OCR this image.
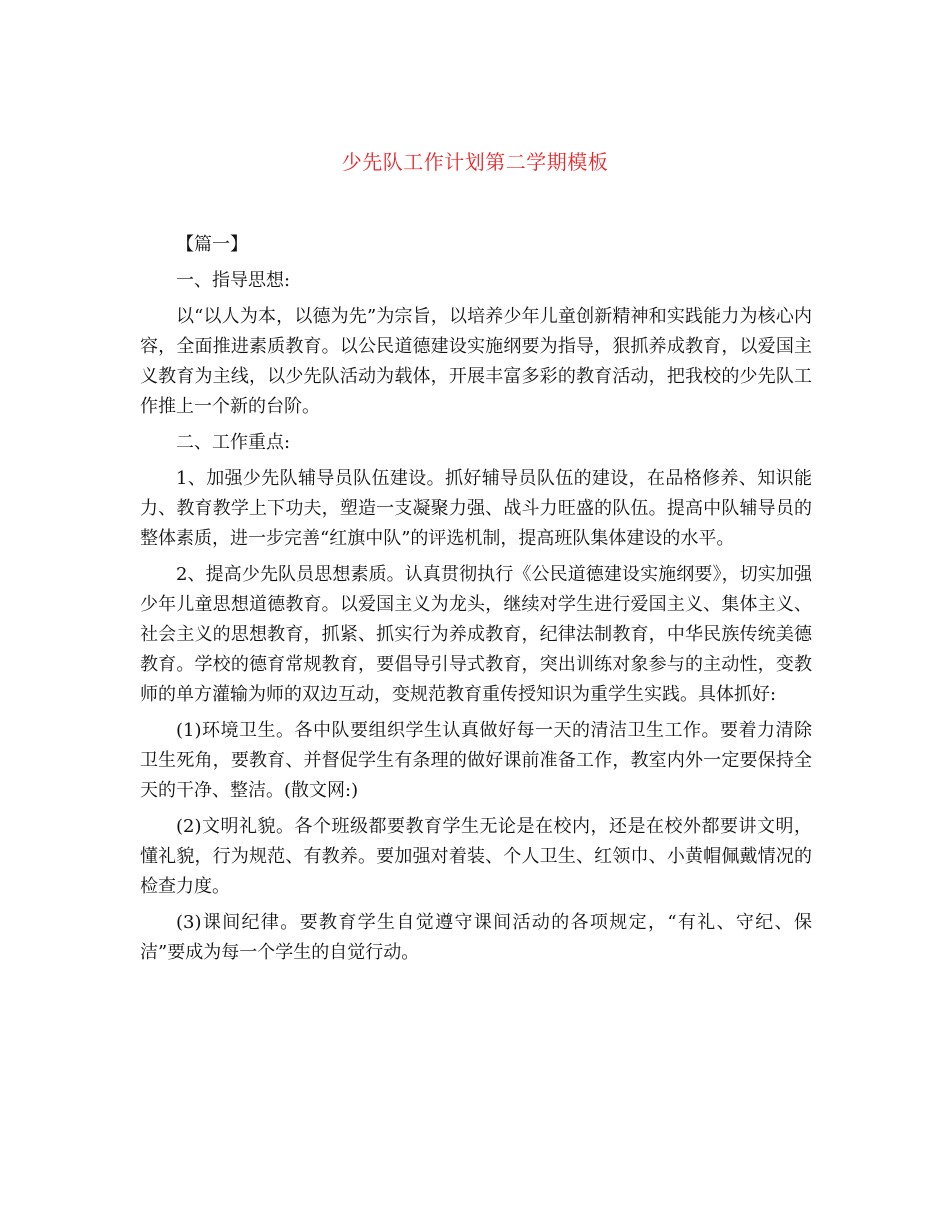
少先队工作计划第二学期模板

【篇一】

一、指导思想:

以“以人为本，以德为先”为宗旨，以培养少年儿童创新精神和实践能力为核心内容，全面推进素质教育。以公民道德建设实施纲要为指导，狠抓养成教育，以爱国主义教育为主线，以少先队活动为载体，开展丰富多彩的教育活动，把我校的少先队工作推上一个新的台阶。

二、工作重点:

1、加强少先队辅导员队伍建设。抓好辅导员队伍的建设，在品格修养、知识能力、教育教学上下功夫，塑造一支凝聚力强、战斗力旺盛的队伍。提高中队辅导员的整体素质，进一步完善“红旗中队”的评选机制，提高班队集体建设的水平。

2、提高少先队员思想素质。认真贯彻执行《公民道德建设实施纲要》，切实加强少年儿童思想道德教育。以爱国主义为龙头，继续对学生进行爱国主义、集体主义、社会主义的思想教育，抓紧、抓实行为养成教育，纪律法制教育，中华民族传统美德教育。学校的德育常规教育，要倡导引导式教育，突出训练对象参与的主动性，变教师的单方灌输为师的双边互动，变规范教育重传授知识为重学生实践。具体抓好:

(1)环境卫生。各中队要组织学生认真做好每一天的清洁卫生工作。要着力清除卫生死角，要教育、并督促学生有条理的做好课前准备工作，教室内外一定要保持全天的干净、整洁。(散文网:)

(2)文明礼貌。各个班级都要教育学生无论是在校内，还是在校外都要讲文明，懂礼貌，行为规范、有教养。要加强对着装、个人卫生、红领巾、小黄帽佩戴情况的检查力度。

(3)课间纪律。要教育学生自觉遵守课间活动的各项规定，“有礼、守纪、保洁”要成为每一个学生的自觉行动。
